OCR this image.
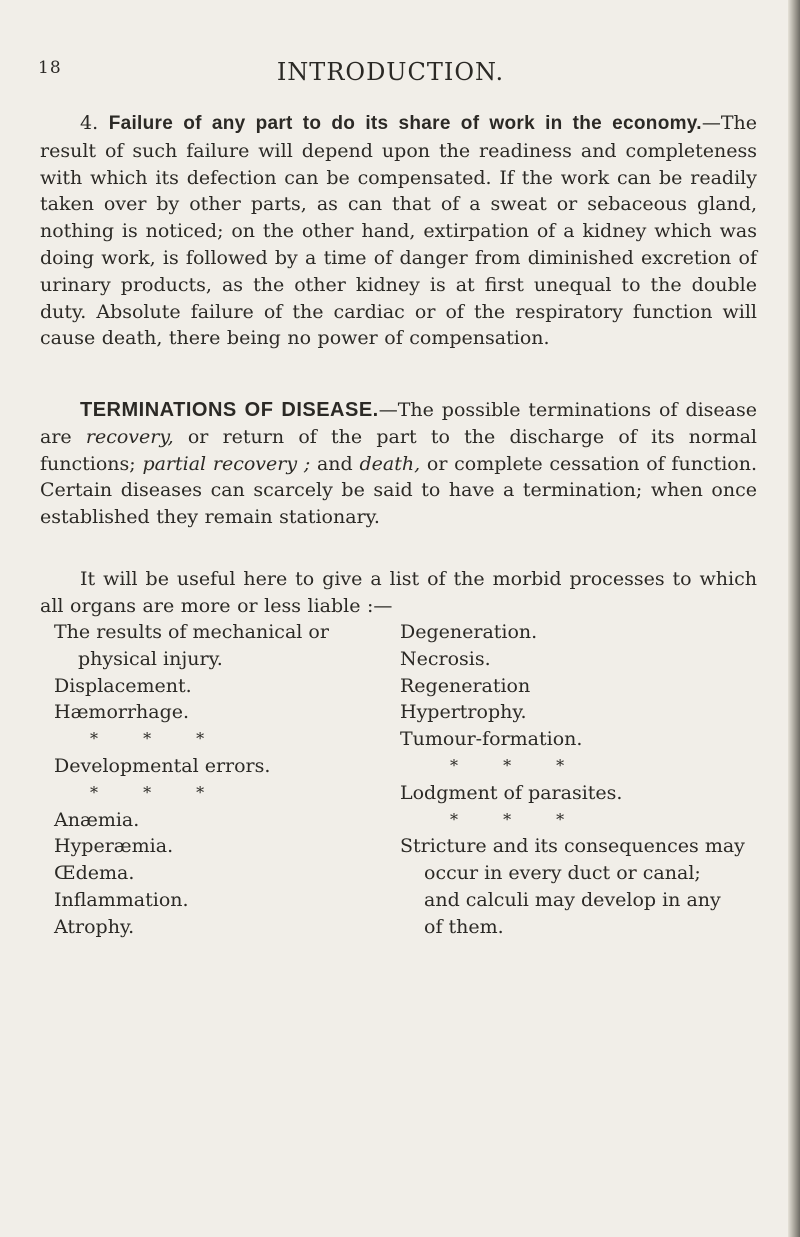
18	INTRODUCTION.

4. Failure of any part to do its share of work in the economy.—The result of such failure will depend upon the readiness and completeness with which its defection can be compensated. If the work can be readily taken over by other parts, as can that of a sweat or sebaceous gland, nothing is noticed; on the other hand, extirpation of a kidney which was doing work, is followed by a time of danger from diminished excretion of urinary products, as the other kidney is at first unequal to the double duty. Absolute failure of the cardiac or of the respiratory function will cause death, there being no power of compensation.

TERMINATIONS OF DISEASE.—The possible terminations of disease are recovery, or return of the part to the discharge of its normal functions; partial recovery ; and death, or complete cessation of function. Certain diseases can scarcely be said to have a termination; when once established they remain stationary.

It will be useful here to give a list of the morbid processes to which all organs are more or less liable :—

The results of mechanical or
physical injury.
Displacement.
Hæmorrhage.
* * *
Developmental errors.
* * *
Anæmia.
Hyperæmia.
Œdema.
Inflammation.
Atrophy.
Degeneration.
Necrosis.
Regeneration
Hypertrophy.
Tumour-formation.
* * *
Lodgment of parasites.
* * *
Stricture and its consequences may
occur in every duct or canal;
and calculi may develop in any
of them.
